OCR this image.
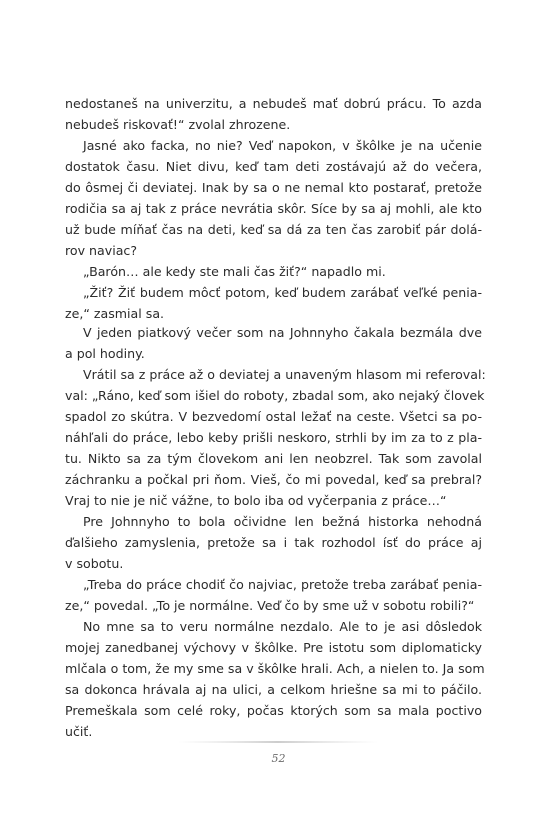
nedostaneš na univerzitu, a nebudeš mať dobrú prácu. To azda
nebudeš riskovať!“ zvolal zhrozene.
Jasné ako facka, no nie? Veď napokon, v škôlke je na učenie
dostatok času. Niet divu, keď tam deti zostávajú až do večera,
do ôsmej či deviatej. Inak by sa o ne nemal kto postarať, pretože
rodičia sa aj tak z práce nevrátia skôr. Síce by sa aj mohli, ale kto
už bude míňať čas na deti, keď sa dá za ten čas zarobiť pár dolá-
rov naviac?
„Barón… ale kedy ste mali čas žiť?“ napadlo mi.
„Žiť? Žiť budem môcť potom, keď budem zarábať veľké penia-
ze,“ zasmial sa.
V jeden piatkový večer som na Johnnyho čakala bezmála dve
a pol hodiny.
Vrátil sa z práce až o deviatej a unaveným hlasom mi referoval:
val: „Ráno, keď som išiel do roboty, zbadal som, ako nejaký človek
spadol zo skútra. V bezvedomí ostal ležať na ceste. Všetci sa po-
náhľali do práce, lebo keby prišli neskoro, strhli by im za to z pla-
tu. Nikto sa za tým človekom ani len neobzrel. Tak som zavolal
záchranku a počkal pri ňom. Vieš, čo mi povedal, keď sa prebral?
Vraj to nie je nič vážne, to bolo iba od vyčerpania z práce…“
Pre Johnnyho to bola očividne len bežná historka nehodná
ďalšieho zamyslenia, pretože sa i tak rozhodol ísť do práce aj
v sobotu.
„Treba do práce chodiť čo najviac, pretože treba zarábať penia-
ze,“ povedal. „To je normálne. Veď čo by sme už v sobotu robili?“
No mne sa to veru normálne nezdalo. Ale to je asi dôsledok
mojej zanedbanej výchovy v škôlke. Pre istotu som diplomaticky
mlčala o tom, že my sme sa v škôlke hrali. Ach, a nielen to. Ja som
sa dokonca hrávala aj na ulici, a celkom hriešne sa mi to páčilo.
Premeškala som celé roky, počas ktorých som sa mala poctivo
učiť.
52
